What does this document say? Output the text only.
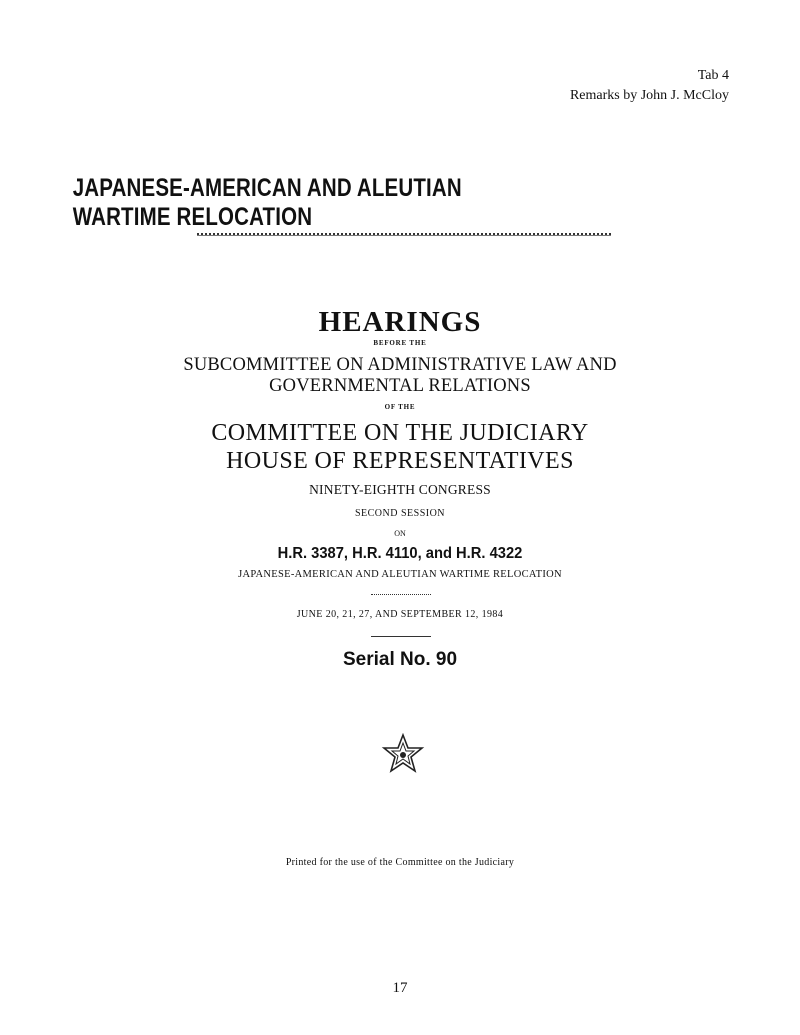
Tab 4
Remarks by John J. McCloy
JAPANESE-AMERICAN AND ALEUTIAN
WARTIME RELOCATION
HEARINGS
BEFORE THE
SUBCOMMITTEE ON ADMINISTRATIVE LAW AND
GOVERNMENTAL RELATIONS
OF THE
COMMITTEE ON THE JUDICIARY
HOUSE OF REPRESENTATIVES
NINETY-EIGHTH CONGRESS
SECOND SESSION
ON
H.R. 3387, H.R. 4110, and H.R. 4322
JAPANESE-AMERICAN AND ALEUTIAN WARTIME RELOCATION
JUNE 20, 21, 27, AND SEPTEMBER 12, 1984
Serial No. 90
Printed for the use of the Committee on the Judiciary
17
